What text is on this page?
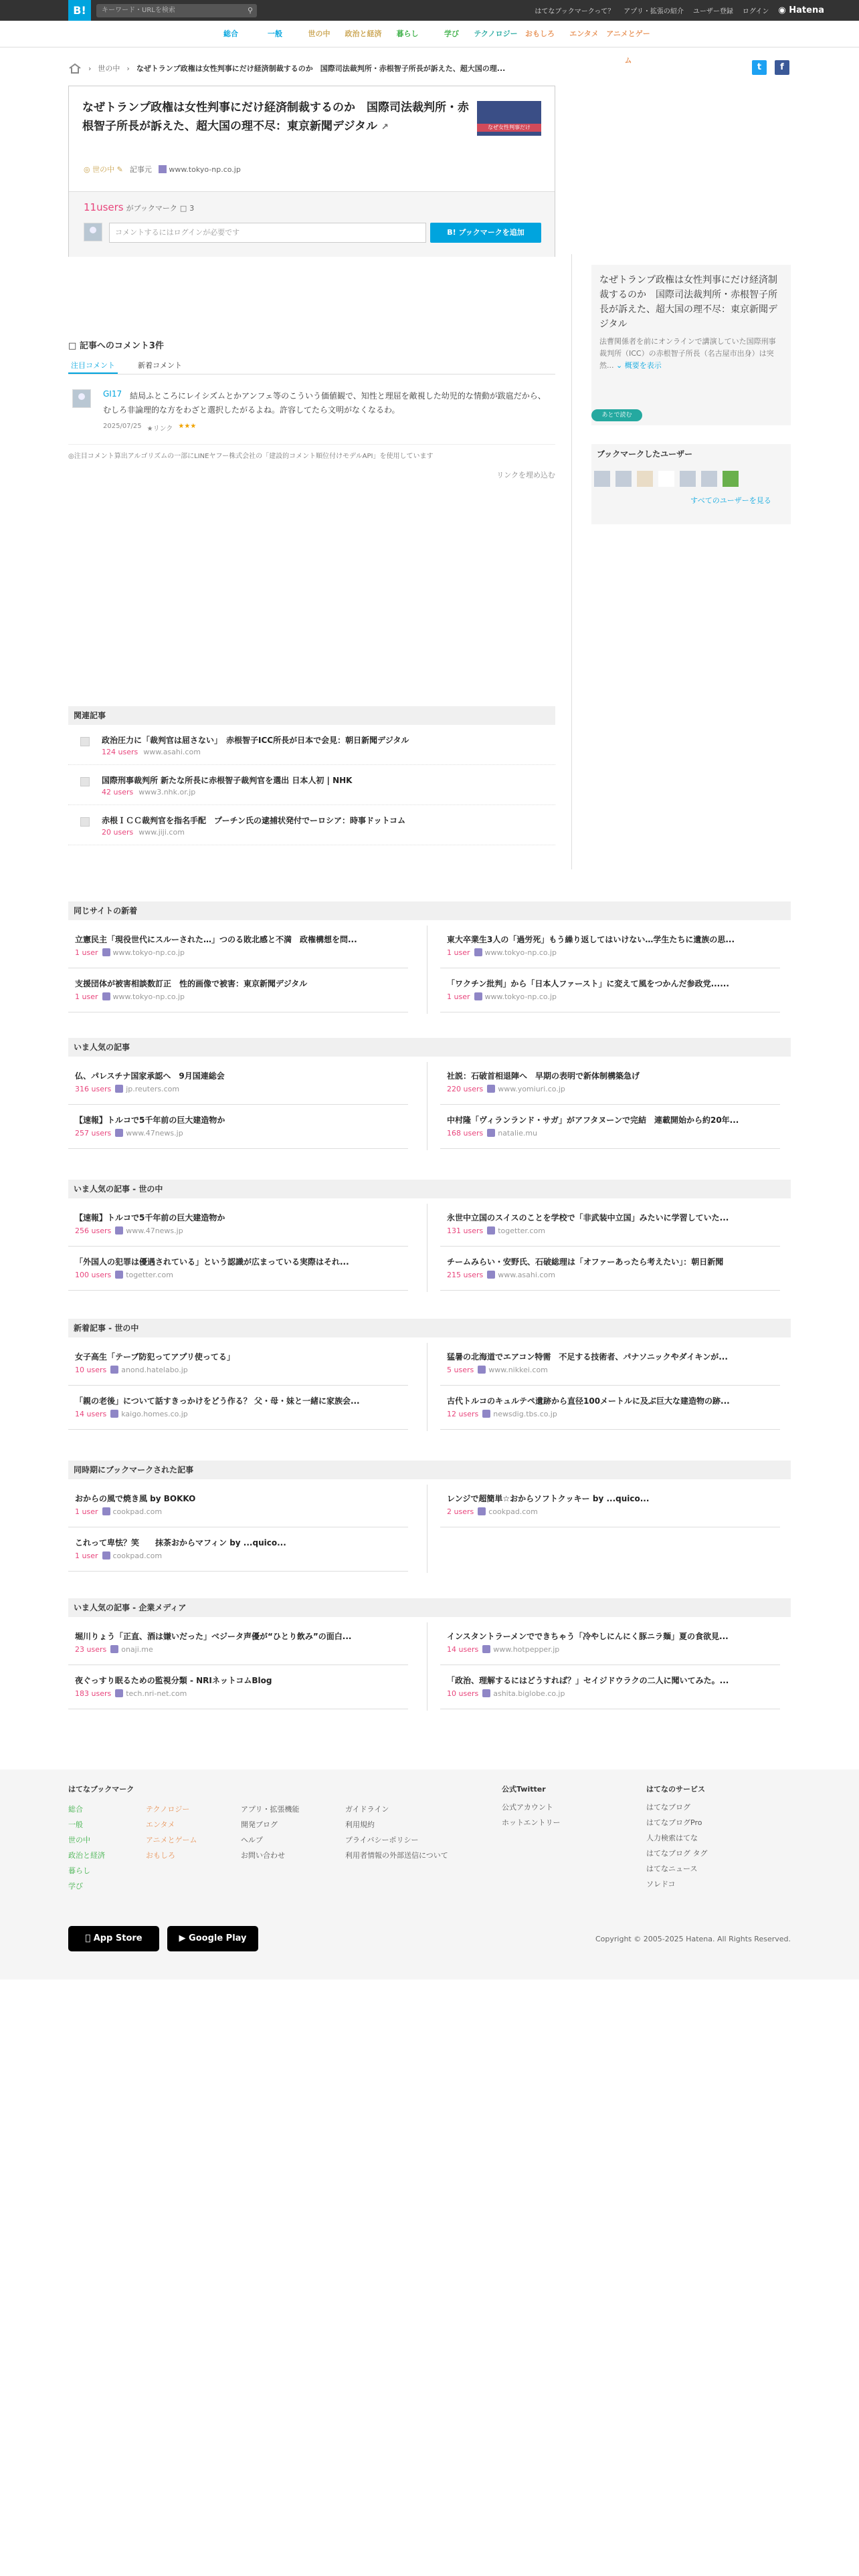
B!	キーワード・URLを検索	⚲	はてなブックマークって？ アプリ・拡張の紹介 ユーザー登録 ログイン ◉ Hatena
総合	一般	世の中	政治と経済	暮らし	学び	テクノロジー	おもしろ	エンタメ	アニメとゲーム
› 世の中 › なぜトランプ政権は女性判事にだけ経済制裁するのか　国際司法裁判所・赤根智子所長が訴えた、超大国の理...	t	f
なぜトランプ政権は女性判事にだけ経済制裁するのか　国際司法裁判所・赤根智子所長が訴えた、超大国の理不尽：東京新聞デジタル ↗	なぜ女性判事だけ
◎ 世の中 ✎ 記事元	www.tokyo-np.co.jp
11users がブックマーク □ 3
コメントするにはログインが必要です	B! ブックマークを追加
なぜトランプ政権は女性判事にだけ経済制裁するのか　国際司法裁判所・赤根智子所長が訴えた、超大国の理不尽：東京新聞デジタル
法曹関係者を前にオンラインで講演していた国際刑事裁判所（ICC）の赤根智子所長（名古屋市出身）は突然... ⌄ 概要を表示
あとで読む
ブックマークしたユーザー
すべてのユーザーを見る
□ 記事へのコメント3件
注目コメント	新着コメント
結局ふところにレイシズムとかアンフェ等のこういう価値観で、知性と理屈を敵視した幼児的な情動が跋扈だから、むしろ非論理的な方をわざと選択したがるよね。許容してたら文明がなくなるわ。
GI17
2025/07/25 ★リンク ★★★
◎注目コメント算出アルゴリズムの一部にLINEヤフー株式会社の「建設的コメント順位付けモデルAPI」を使用しています
リンクを埋め込む
関連記事
政治圧力に「裁判官は屈さない」　赤根智子ICC所長が日本で会見：朝日新聞デジタル
124 users www.asahi.com
国際刑事裁判所 新たな所長に赤根智子裁判官を選出 日本人初 | NHK
42 users www3.nhk.or.jp
赤根ＩＣＣ裁判官を指名手配　プーチン氏の逮捕状発付でーロシア：時事ドットコム
20 users www.jiji.com
同じサイトの新着
立憲民主「現役世代にスルーされた…」つのる敗北感と不満　政権構想を問...
1 user www.tokyo-np.co.jp
東大卒業生3人の「過労死」もう繰り返してはいけない…学生たちに遺族の思...
1 user www.tokyo-np.co.jp
支援団体が被害相談数訂正　性的画像で被害：東京新聞デジタル
1 user www.tokyo-np.co.jp
「ワクチン批判」から「日本人ファースト」に変えて風をつかんだ参政党......
1 user www.tokyo-np.co.jp
いま人気の記事
仏、パレスチナ国家承認へ　9月国連総会
316 users jp.reuters.com
社説：石破首相退陣へ　早期の表明で新体制構築急げ
220 users www.yomiuri.co.jp
【速報】トルコで5千年前の巨大建造物か
257 users www.47news.jp
中村隆「ヴィランランド・サガ」がアフタヌーンで完結　連載開始から約20年...
168 users natalie.mu
いま人気の記事 - 世の中
【速報】トルコで5千年前の巨大建造物か
256 users www.47news.jp
永世中立国のスイスのことを学校で「非武装中立国」みたいに学習していた...
131 users togetter.com
「外国人の犯罪は優遇されている」という認識が広まっている実際はそれ...
100 users togetter.com
チームみらい・安野氏、石破総理は「オファーあったら考えたい」：朝日新聞
215 users www.asahi.com
新着記事 - 世の中
女子高生「テーブ防犯ってアプリ使ってる」
10 users anond.hatelabo.jp
猛暑の北海道でエアコン特需　不足する技術者、パナソニックやダイキンが...
5 users www.nikkei.com
「親の老後」について話すきっかけをどう作る？ 父・母・妹と一緒に家族会...
14 users kaigo.homes.co.jp
古代トルコのキュルテペ遺跡から直径100メートルに及ぶ巨大な建造物の跡...
12 users newsdig.tbs.co.jp
同時期にブックマークされた記事
おからの風で焼き風 by BOKKO
1 user cookpad.com
レンジで超簡単☆おからソフトクッキー by ...quico...
2 users cookpad.com
これって卑怯？笑　　抹茶おからマフィン by ...quico...
1 user cookpad.com
いま人気の記事 - 企業メディア
堀川りょう「正直、酒は嫌いだった」ベジータ声優が“ひとり飲み”の面白...
23 users onaji.me
インスタントラーメンでできちゃう「冷やしにんにく豚ニラ麺」夏の食欲見...
14 users www.hotpepper.jp
夜ぐっすり眠るための監視分類 - NRIネットコムBlog
183 users tech.nri-net.com
「政治、理解するにはどうすれば？」セイジドウラクの二人に聞いてみた。...
10 users ashita.biglobe.co.jp
はてなブックマーク
総合
一般
世の中
政治と経済
暮らし
学び
テクノロジー
エンタメ
アニメとゲーム
おもしろ
アプリ・拡張機能
開発ブログ
ヘルプ
お問い合わせ
ガイドライン
利用規約
プライバシーポリシー
利用者情報の外部送信について
公式Twitter
公式アカウント
ホットエントリー
はてなのサービス
はてなブログ
はてなブログPro
人力検索はてな
はてなブログ タグ
はてなニュース
ソレドコ
App Store	▶ Google Play	Copyright © 2005-2025 Hatena. All Rights Reserved.
